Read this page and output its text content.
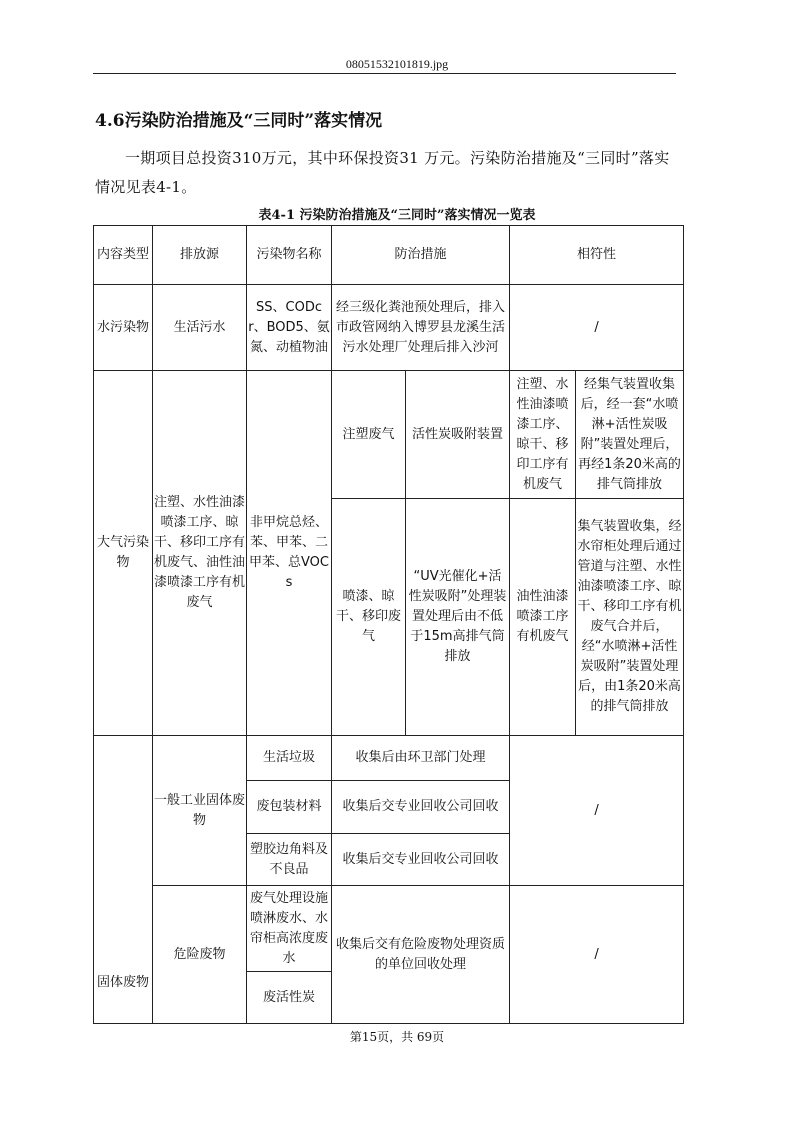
08051532101819.jpg
4.6污染防治措施及“三同时”落实情况

一期项目总投资310万元，其中环保投资31 万元。污染防治措施及“三同时”落实情况见表4-1。

表4-1 污染防治措施及“三同时”落实情况一览表

内容类型	排放源	污染物名称	防治措施		相符性	
水污染物	生活污水	SS、CODcr、BOD5、氨氮、动植物油	经三级化粪池预处理后，排入市政管网纳入博罗县龙溪生活污水处理厂处理后排入沙河		/	
大气污染物	注塑、水性油漆喷漆工序、晾干、移印工序有机废气、油性油漆喷漆工序有机废气	非甲烷总烃、苯、甲苯、二甲苯、总VOCs	注塑废气	活性炭吸附装置	注塑、水性油漆喷漆工序、晾干、移印工序有机废气	经集气装置收集后，经一套“水喷淋+活性炭吸附”装置处理后，再经1条20米高的排气筒排放
			喷漆、晾干、移印废气	“UV光催化+活性炭吸附”处理装置处理后由不低于15m高排气筒排放	油性油漆喷漆工序有机废气	集气装置收集，经水帘柜处理后通过管道与注塑、水性油漆喷漆工序、晾干、移印工序有机废气合并后，经“水喷淋+活性炭吸附”装置处理后，由1条20米高的排气筒排放
固体废物	一般工业固体废物	生活垃圾	收集后由环卫部门处理		/	
		废包装材料	收集后交专业回收公司回收			
		塑胶边角料及不良品	收集后交专业回收公司回收			
	危险废物	废气处理设施喷淋废水、水帘柜高浓度废水	收集后交有危险废物处理资质的单位回收处理		/	
		废活性炭				
第15页，共 69页
